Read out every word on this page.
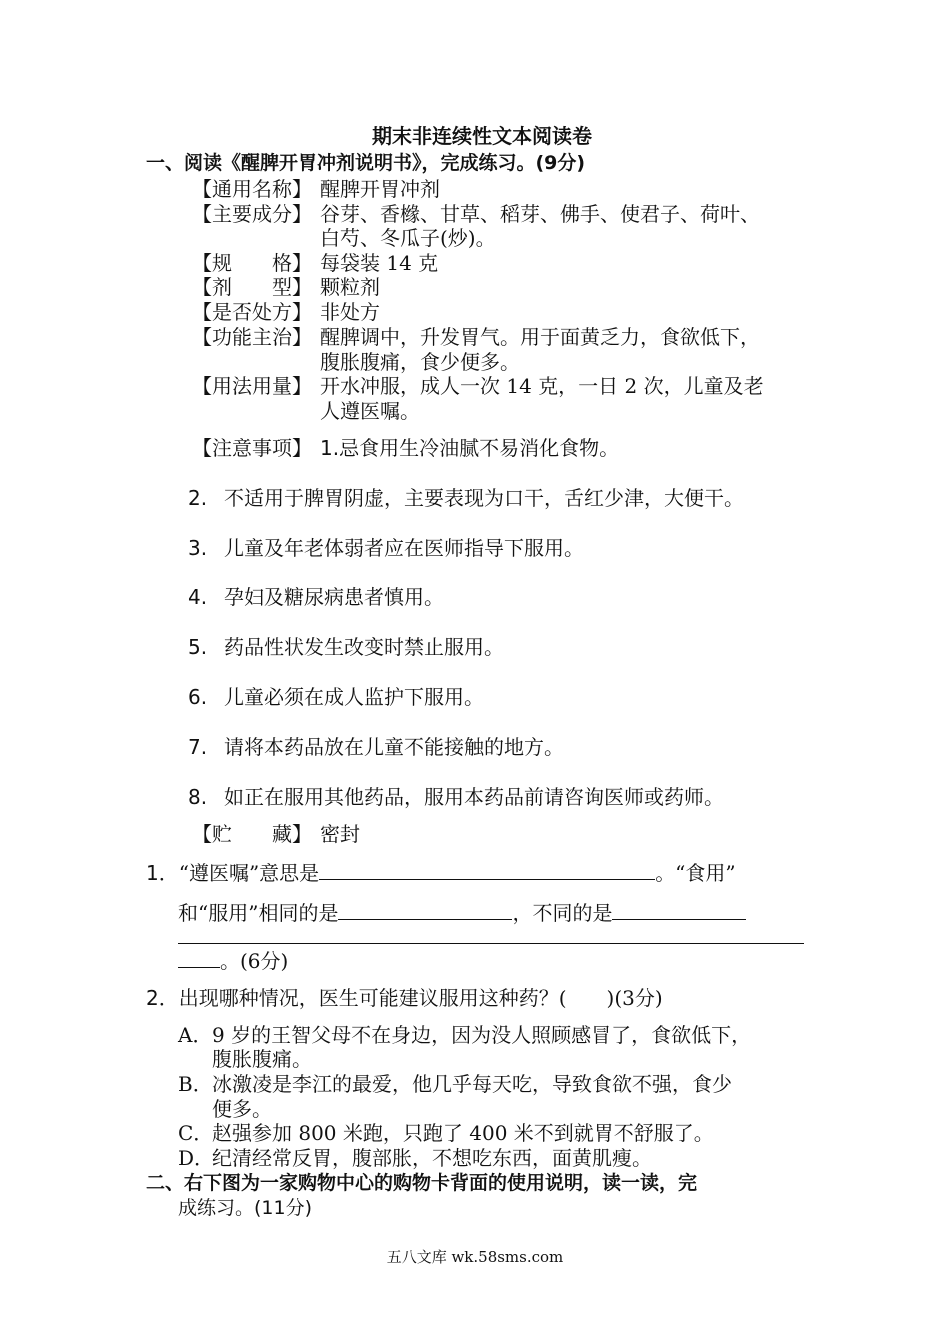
期末非连续性文本阅读卷
一、阅读《醒脾开胃冲剂说明书》，完成练习。(9分)
【通用名称】 醒脾开胃冲剂
【主要成分】 谷芽、香橼、甘草、稻芽、佛手、使君子、荷叶、
白芍、冬瓜子(炒)。
【规　　格】 每袋装 14 克
【剂　　型】 颗粒剂
【是否处方】 非处方
【功能主治】 醒脾调中，升发胃气。用于面黄乏力，食欲低下，
腹胀腹痛，食少便多。
【用法用量】 开水冲服，成人一次 14 克，一日 2 次，儿童及老
人遵医嘱。
【注意事项】 1.忌食用生冷油腻不易消化食物。
2. 不适用于脾胃阴虚，主要表现为口干，舌红少津，大便干。
3. 儿童及年老体弱者应在医师指导下服用。
4. 孕妇及糖尿病患者慎用。
5. 药品性状发生改变时禁止服用。
6. 儿童必须在成人监护下服用。
7. 请将本药品放在儿童不能接触的地方。
8. 如正在服用其他药品，服用本药品前请咨询医师或药师。
【贮　　藏】 密封
1．“遵医嘱”意思是	。“食用”
和“服用”相同的是	，不同的是
。(6分)
2．出现哪种情况，医生可能建议服用这种药？(　　)(3分)
A．9 岁的王智父母不在身边，因为没人照顾感冒了，食欲低下，
腹胀腹痛。
B．冰激凌是李江的最爱，他几乎每天吃，导致食欲不强，食少
便多。
C．赵强参加 800 米跑，只跑了 400 米不到就胃不舒服了。
D．纪清经常反胃，腹部胀，不想吃东西，面黄肌瘦。
二、右下图为一家购物中心的购物卡背面的使用说明，读一读，完
成练习。(11分)
五八文库 wk.58sms.com
